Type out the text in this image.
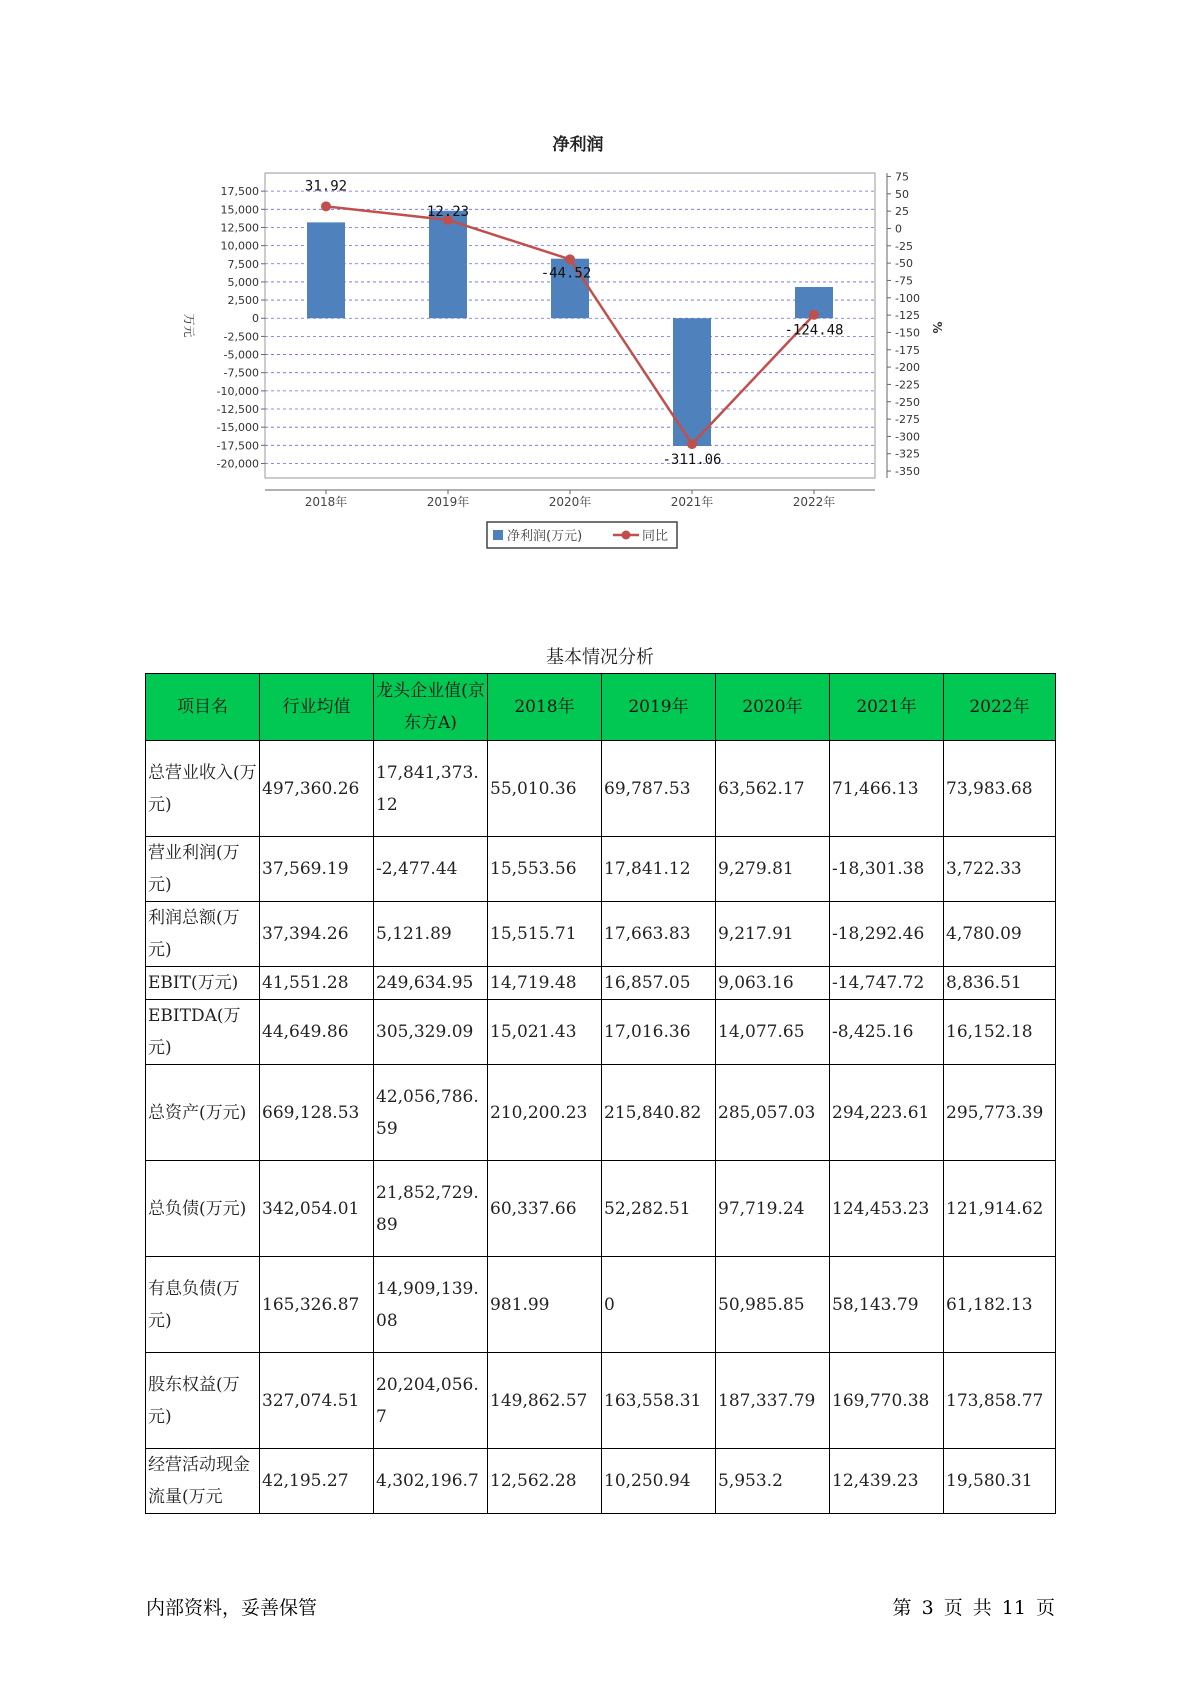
净利润
17,500
15,000
12,500
10,000
7,500
5,000
2,500
0
-2,500
-5,000
-7,500
-10,000
-12,500
-15,000
-17,500
-20,000
75
50
25
0
-25
-50
-75
-100
-125
-150
-175
-200
-225
-250
-275
-300
-325
-350
万元	%
31.92
12.23
-44.52
-311.06
-124.48
2018年	2019年	2020年	2021年	2022年
净利润(万元)	同比
基本情况分析
项目名	行业均值	龙头企业值(京东方A)	2018年	2019年	2020年	2021年	2022年
总营业收入(万元)	497,360.26	17,841,373.12	55,010.36	69,787.53	63,562.17	71,466.13	73,983.68
营业利润(万元)	37,569.19	-2,477.44	15,553.56	17,841.12	9,279.81	-18,301.38	3,722.33
利润总额(万元)	37,394.26	5,121.89	15,515.71	17,663.83	9,217.91	-18,292.46	4,780.09
EBIT(万元)	41,551.28	249,634.95	14,719.48	16,857.05	9,063.16	-14,747.72	8,836.51
EBITDA(万元)	44,649.86	305,329.09	15,021.43	17,016.36	14,077.65	-8,425.16	16,152.18
总资产(万元)	669,128.53	42,056,786.59	210,200.23	215,840.82	285,057.03	294,223.61	295,773.39
总负债(万元)	342,054.01	21,852,729.89	60,337.66	52,282.51	97,719.24	124,453.23	121,914.62
有息负债(万元)	165,326.87	14,909,139.08	981.99	0	50,985.85	58,143.79	61,182.13
股东权益(万元)	327,074.51	20,204,056.7	149,862.57	163,558.31	187,337.79	169,770.38	173,858.77
经营活动现金流量(万元	42,195.27	4,302,196.7	12,562.28	10,250.94	5,953.2	12,439.23	19,580.31
内部资料，妥善保管	第 3 页 共 11 页
